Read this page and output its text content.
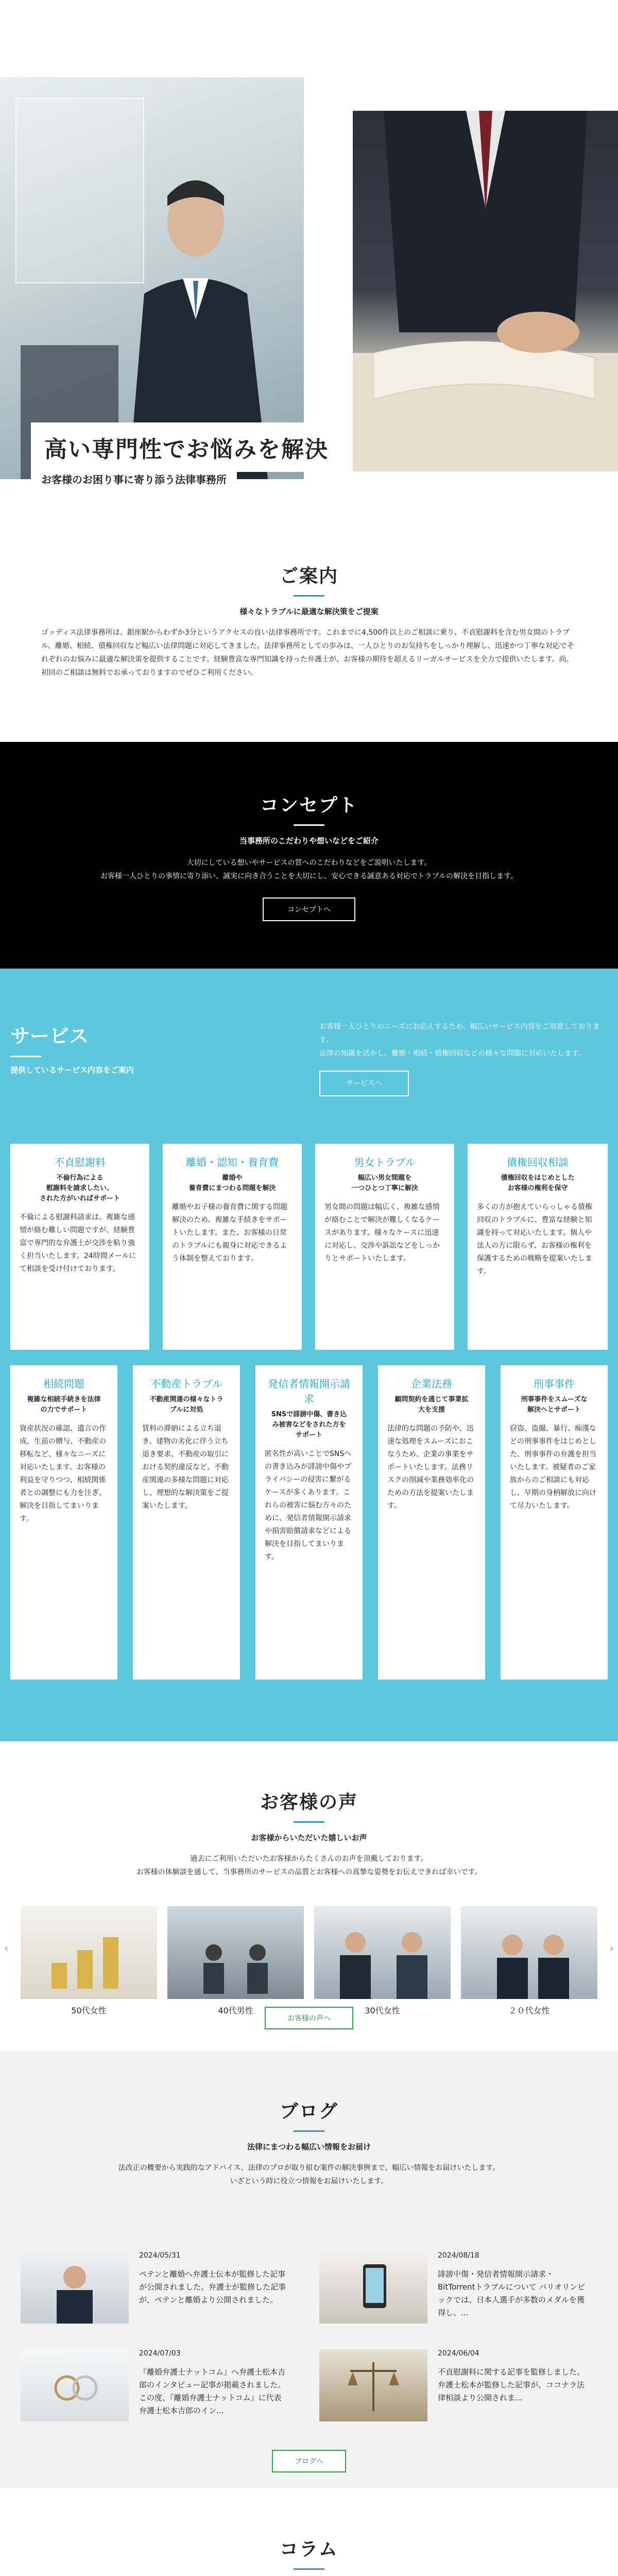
GODDISS LAW OFFICE
高い専門性でお悩みを解決
お客様のお困り事に寄り添う法律事務所
ご案内
様々なトラブルに最適な解決策をご提案

ゴッディス法律事務所は、銀座駅からわずか3分というアクセスの良い法律事務所です。これまでに4,500件以上のご相談に乗り、不貞慰謝料を含む男女間のトラブル、離婚、相続、債権回収など幅広い法律問題に対応してきました。法律事務所としての歩みは、一人ひとりのお気持ちをしっかり理解し、迅速かつ丁寧な対応でそれぞれのお悩みに最適な解決策を提供することです。経験豊富な専門知識を持った弁護士が、お客様の期待を超えるリーガルサービスを全力で提供いたします。尚、初回のご相談は無料でお承っておりますのでぜひご利用ください。

コンセプト
当事務所のこだわりや想いなどをご紹介

大切にしている想いやサービスの質へのこだわりなどをご説明いたします。

お客様一人ひとりの事情に寄り添い、誠実に向き合うことを大切にし、安心できる誠意ある対応でトラブルの解決を目指します。

コンセプトへ
サービス
提供しているサービス内容をご案内

お客様一人ひとりのニーズにお応えするため、幅広いサービス内容をご用意しております。

法律の知識を活かし、離婚・相続・債権回収などの様々な問題に対応いたします。

サービスへ
不貞慰謝料
不倫行為による
慰謝料を請求したい、
された方がいればサポート
不倫による慰謝料請求は、複雑な感情が絡む難しい問題ですが、経験豊富で専門的な弁護士が交渉を粘り強く担当いたします。24時間メールにて相談を受け付けております。
離婚・認知・養育費
離婚や
養育費にまつわる問題を解決
離婚やお子様の養育費に関する問題解決のため、複雑な手続きをサポートいたします。また、お客様の日常のトラブルにも親身に対応できるよう体制を整えております。
男女トラブル
幅広い男女間題を
一つひとつ丁寧に解決
男女間の問題は幅広く、複雑な感情が絡むことで解決が難しくなるケースがあります。様々なケースに迅速に対応し、交渉や訴訟などをしっかりとサポートいたします。
債権回収相談
債権回収をはじめとした
お客様の権利を保守
多くの方が抱えていらっしゃる債権回収のトラブルに、豊富な経験と知識を持って対応いたします。個人や法人の方に限らず、お客様の権利を保護するための戦略を提案いたします。
相続問題
複雑な相続手続きを法律
の力でサポート
資産状況の確認、遺言の作成、生前の贈与、不動産の移転など、様々なニーズに対応いたします。お客様の利益を守りつつ、相続関係者との調整にも力を注ぎ、解決を目指してまいります。
不動産トラブル
不動産関連の様々なトラ
ブルに対処
賃料の滞納による立ち退き、建物の劣化に伴う立ち退き要求、不動産の取引における契約違反など、不動産関連の多様な問題に対応し、理想的な解決策をご提案いたします。
発信者情報開示請求
SNSで誹謗中傷、書き込
み被害などをされた方を
サポート
匿名性が高いことでSNSへの書き込みが誹謗中傷やプライバシーの侵害に繋がるケースが多くあります。これらの被害に悩む方々のために、発信者情報開示請求や損害賠償請求などによる解決を目指してまいります。
企業法務
顧問契約を通じて事業拡
大を支援
法律的な問題の予防や、迅速な処理をスムーズにおこなうため、企業の事業をサポートいたします。法務リスクの削減や業務効率化のための方法を提案いたします。
刑事事件
刑事事件をスムーズな
解決へとサポート
窃盗、盗撮、暴行、痴漢などの刑事事件をはじめとした、刑事事件の弁護を担当いたします。被疑者のご家族からのご相談にも対応し、早期の身柄解放に向けて尽力いたします。
お客様の声
お客様からいただいた嬉しいお声

過去にご利用いただいたお客様からたくさんのお声を頂戴しております。

お客様の体験談を通して、当事務所のサービスの品質とお客様への真摯な姿勢をお伝えできれば幸いです。

‹	›
50代女性	40代男性	30代女性	２０代女性
お客様の声へ
ブログ
法律にまつわる幅広い情報をお届け

法改正の概要から実践的なアドバイス、法律のプロが取り組む案件の解決事例まで、幅広い情報をお届けいたします。

いざという時に役立つ情報をお届けいたします。

2024/05/31
ペテンと離婚へ弁護士伝本が監修した記事が公開されました。弁護士が監修した記事が、ペテンと離婚より公開されました。
2024/08/18
誹謗中傷・発信者情報開示請求・BitTorrentトラブルについて バリオリンピックでは、日本人選手が多数のメダルを獲得し、...
2024/07/03
『離婚弁護士ナットコム』へ弁護士松本吉郎のインタビュー記事が掲載されました。この度、『離婚弁護士ナットコム』に代表弁護士松本吉郎のイン...
2024/06/04
不貞慰謝料に関する記事を監修しました。弁護士松本が監修した記事が、ココナラ法律相談より公開されま...
ブログへ
コラム
